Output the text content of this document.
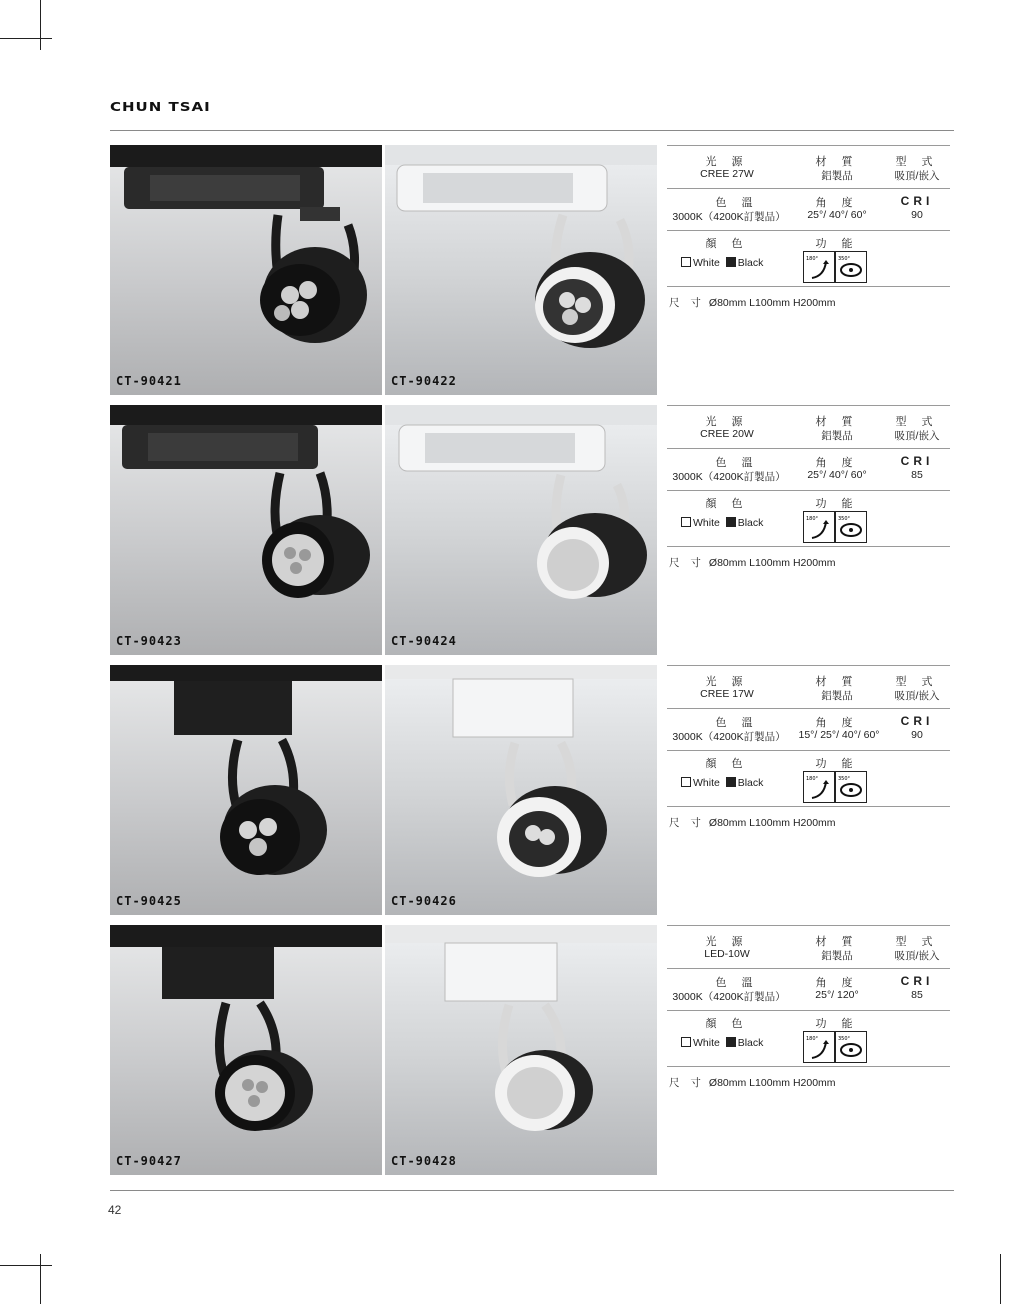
CHUN TSAI
CT-90421	CT-90422
光 源	材 質	型 式
CREE 27W	鋁製品	吸頂/嵌入
色 溫	角 度	CRI
3000K（4200K訂製品）	25°/ 40°/ 60°	90
顏 色	功 能
White Black	180°	350°
尺 寸 Ø80mm L100mm H200mm
CT-90423	CT-90424
光 源	材 質	型 式
CREE 20W	鋁製品	吸頂/嵌入
色 溫	角 度	CRI
3000K（4200K訂製品）	25°/ 40°/ 60°	85
顏 色	功 能
White Black	180°	350°
尺 寸 Ø80mm L100mm H200mm
CT-90425	CT-90426
光 源	材 質	型 式
CREE 17W	鋁製品	吸頂/嵌入
色 溫	角 度	CRI
3000K（4200K訂製品）	15°/ 25°/ 40°/ 60°	90
顏 色	功 能
White Black	180°	350°
尺 寸 Ø80mm L100mm H200mm
CT-90427	CT-90428
光 源	材 質	型 式
LED-10W	鋁製品	吸頂/嵌入
色 溫	角 度	CRI
3000K（4200K訂製品）	25°/ 120°	85
顏 色	功 能
White Black	180°	350°
尺 寸 Ø80mm L100mm H200mm
42
